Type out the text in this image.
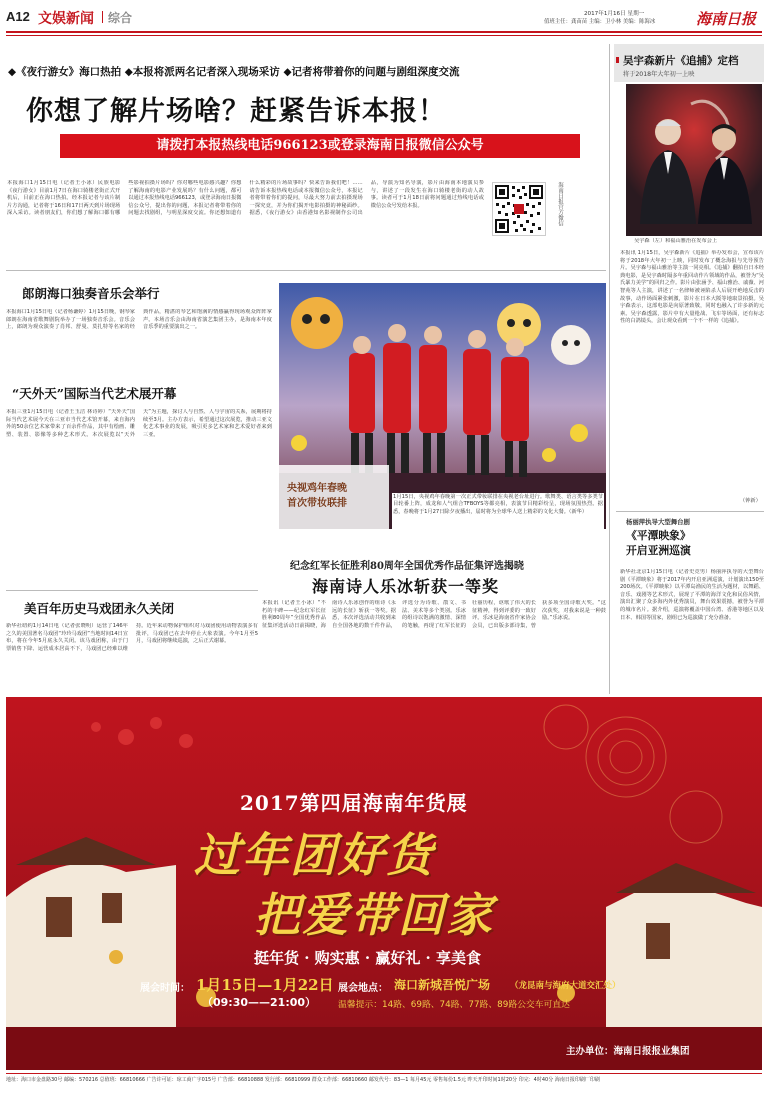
A12 文娱新闻 综合	2017年1月16日 星期一
值班主任：龚苗苗 主编：卫小林 美编：陈海冰	海南日报
◆《夜行游女》海口热拍 ◆本报将派两名记者深入现场采访 ◆记者将带着你的问题与剧组深度交流
你想了解片场啥？赶紧告诉本报！
请拨打本报热线电话966123或登录海南日报微信公众号
本报海口1月15日电（记者王小冰）民族电影《夜行游女》目前1月7日在海口骑楼老街正式开机后，目前正在海口热拍。经本报记者与该片制片方沟通，记者将于16日和17日两天到片场现场深入采访。读者朋友们，你们想了解海口都有哪些影视拍摄片场吗？你对哪些电影感兴趣？你想了解海南的电影产业发展吗？有什么问题，都可以通过本报热线电话966123，或登录海南日报微信公众号，提出你的问题，本报记者将带着你的问题去找剧组，与明星深度交流。你还想知道有什么精彩的片场故事吗？快来告诉我们吧！……请告诉本报热线电话或本报微信公众号，本报记者将带着你们的提问，尽最大努力前去拍摄现场一探究竟，并为你们揭开电影拍摄的神秘面纱。据悉，《夜行游女》由香港知名影视制作公司出品，导演为知名导演，影片由海南本地演员参与，讲述了一段发生在海口骑楼老街的动人故事。读者可于1月18日前将问题通过热线电话或微信公众号发给本报。	海南日报官方微信
吴宇森新片《追捕》定档
将于2018年大年初一上映
吴宇森（左）和福山雅治在发布会上
本报讯 1月15日，吴宇森新片《追捕》举办发布会，宣布该片将于2018年大年初一上映，同时发布了概念海报与先导预告片。吴宇森与福山雅治等主演一同亮相。《追捕》翻拍自日本经典电影，是吴宇森时隔多年重回动作片领域的作品，被誉为“吴氏暴力美学”的回归之作。影片由张涵予、福山雅治、戚薇、河智苑等人主演，讲述了一名律师被诬陷杀人后展开绝地反击的故事，动作场面紧张刺激，影片在日本大阪等地取景拍摄。吴宇森表示，这部电影是向原著致敬，同时也融入了许多新的元素。吴宇森透露，影片中有大量枪战、飞车等场面，还有标志性的白鸽镜头，会让观众看到一个不一样的《追捕》。
（钟新）
杨丽萍执导大型舞台剧
《平潭映象》
开启亚洲巡演
新华社北京1月15日电（记者史竞男）杨丽萍执导的大型舞台剧《平潭映象》将于2017年内开启亚洲巡演，计划演出150至200场次。《平潭映象》以平潭岛渔民的生活为题材，以舞蹈、音乐、戏剧等艺术形式，展现了平潭的海洋文化和民俗风情，演出汇聚了众多海内外优秀演员，舞台效果震撼，被誉为平潭的城市名片。据介绍，巡演将覆盖中国台湾、香港等地区以及日本、韩国等国家，剧组已为巡演做了充分准备。
郎朗海口独奏音乐会举行
本报海口1月15日电（记者杨谦婷）1月15日晚，钢琴家郎朗在海南省歌舞剧院举办了一场独奏音乐会。音乐会上，郎朗为观众演奏了肖邦、舒曼、莫扎特等名家的经典作品，精湛的琴艺和饱满的情感赢得现场观众阵阵掌声。本场音乐会由海南省演艺集团主办，是海南本年度音乐季的重要演出之一。
“天外天”国际当代艺术展开幕
本报三亚1月15日电（记者王玉洁 林诗婷）“天外天”国际当代艺术展今天在三亚市当代艺术馆开幕，来自海内外的50余位艺术家带来了百余件作品，其中有绘画、雕塑、装置、影像等多种艺术形式。本次展览以“天外天”为主题，探讨人与自然、人与宇宙的关系，展期将持续至3月。主办方表示，希望通过这次展览，推动三亚文化艺术事业的发展，吸引更多艺术家和艺术爱好者来到三亚。
央视鸡年春晚
首次带妆联排
1月15日，央视鸡年春晚第一次正式带妆联排在央视老台址进行。歌舞类、语言类等多类节目轮番上阵，成龙和人气组合TFBOYS等都亮相，表演节目精彩纷呈，现场氛围热烈。据悉，春晚将于1月27日除夕夜播出，届时将为全球华人送上精彩的文化大餐。（新华）
纪念红军长征胜利80周年全国优秀作品征集评选揭晓
海南诗人乐冰斩获一等奖
本报讯（记者王小冰）“不朽的丰碑——纪念红军长征胜利80周年”全国优秀作品征集评选活动日前揭晓，海南诗人乐冰创作的组诗《永远的长征》斩获一等奖。据悉，本次评选活动共收到来自全国各地的数千件作品，评选分为诗歌、散文、书法、美术等多个类别。乐冰的组诗以饱满的激情、深情的笔触，再现了红军长征的壮丽历程，讴歌了伟大的长征精神，得到评委的一致好评。乐冰是海南省作家协会会员，已出版多部诗集，曾获多项全国诗歌大奖。“这次获奖，对我来说是一种鼓励。”乐冰说。
美百年历史马戏团永久关闭
新华社纽约1月14日电（记者张晓明）运营了146年之久的美国著名马戏团“玲玲马戏团”当地时间14日宣布，将在今年5月底永久关闭。该马戏团称，由于门票销售下降、运营成本居高不下，马戏团已经难以维持。近年来动物保护组织对马戏团使用动物表演多有批评，马戏团已在去年停止大象表演。今年1月至5月，马戏团将继续巡演，之后正式谢幕。
2017第四届海南年货展
过年团好货
把爱带回家
挺年货 · 购实惠 · 赢好礼 · 享美食
展会时间： 1月15日—1月22日
（09:30——21:00）
展会地点： 海口新城吾悦广场 （龙昆南与海府大道交汇处）
温馨提示：14路、69路、74路、77路、89路公交车可直达
主办单位：海南日报报业集团
地址：海口市金盘路30号 邮编：570216 总值班：66810666 广告许可证：琼工商广字015号 广告部：66810888 发行部：66810999 群众工作部：66810660 邮发代号：83—1 每月45元 零售每份1.5元 昨天开印时间1时20分 印完：4时40分 海南日报印刷厂印刷
